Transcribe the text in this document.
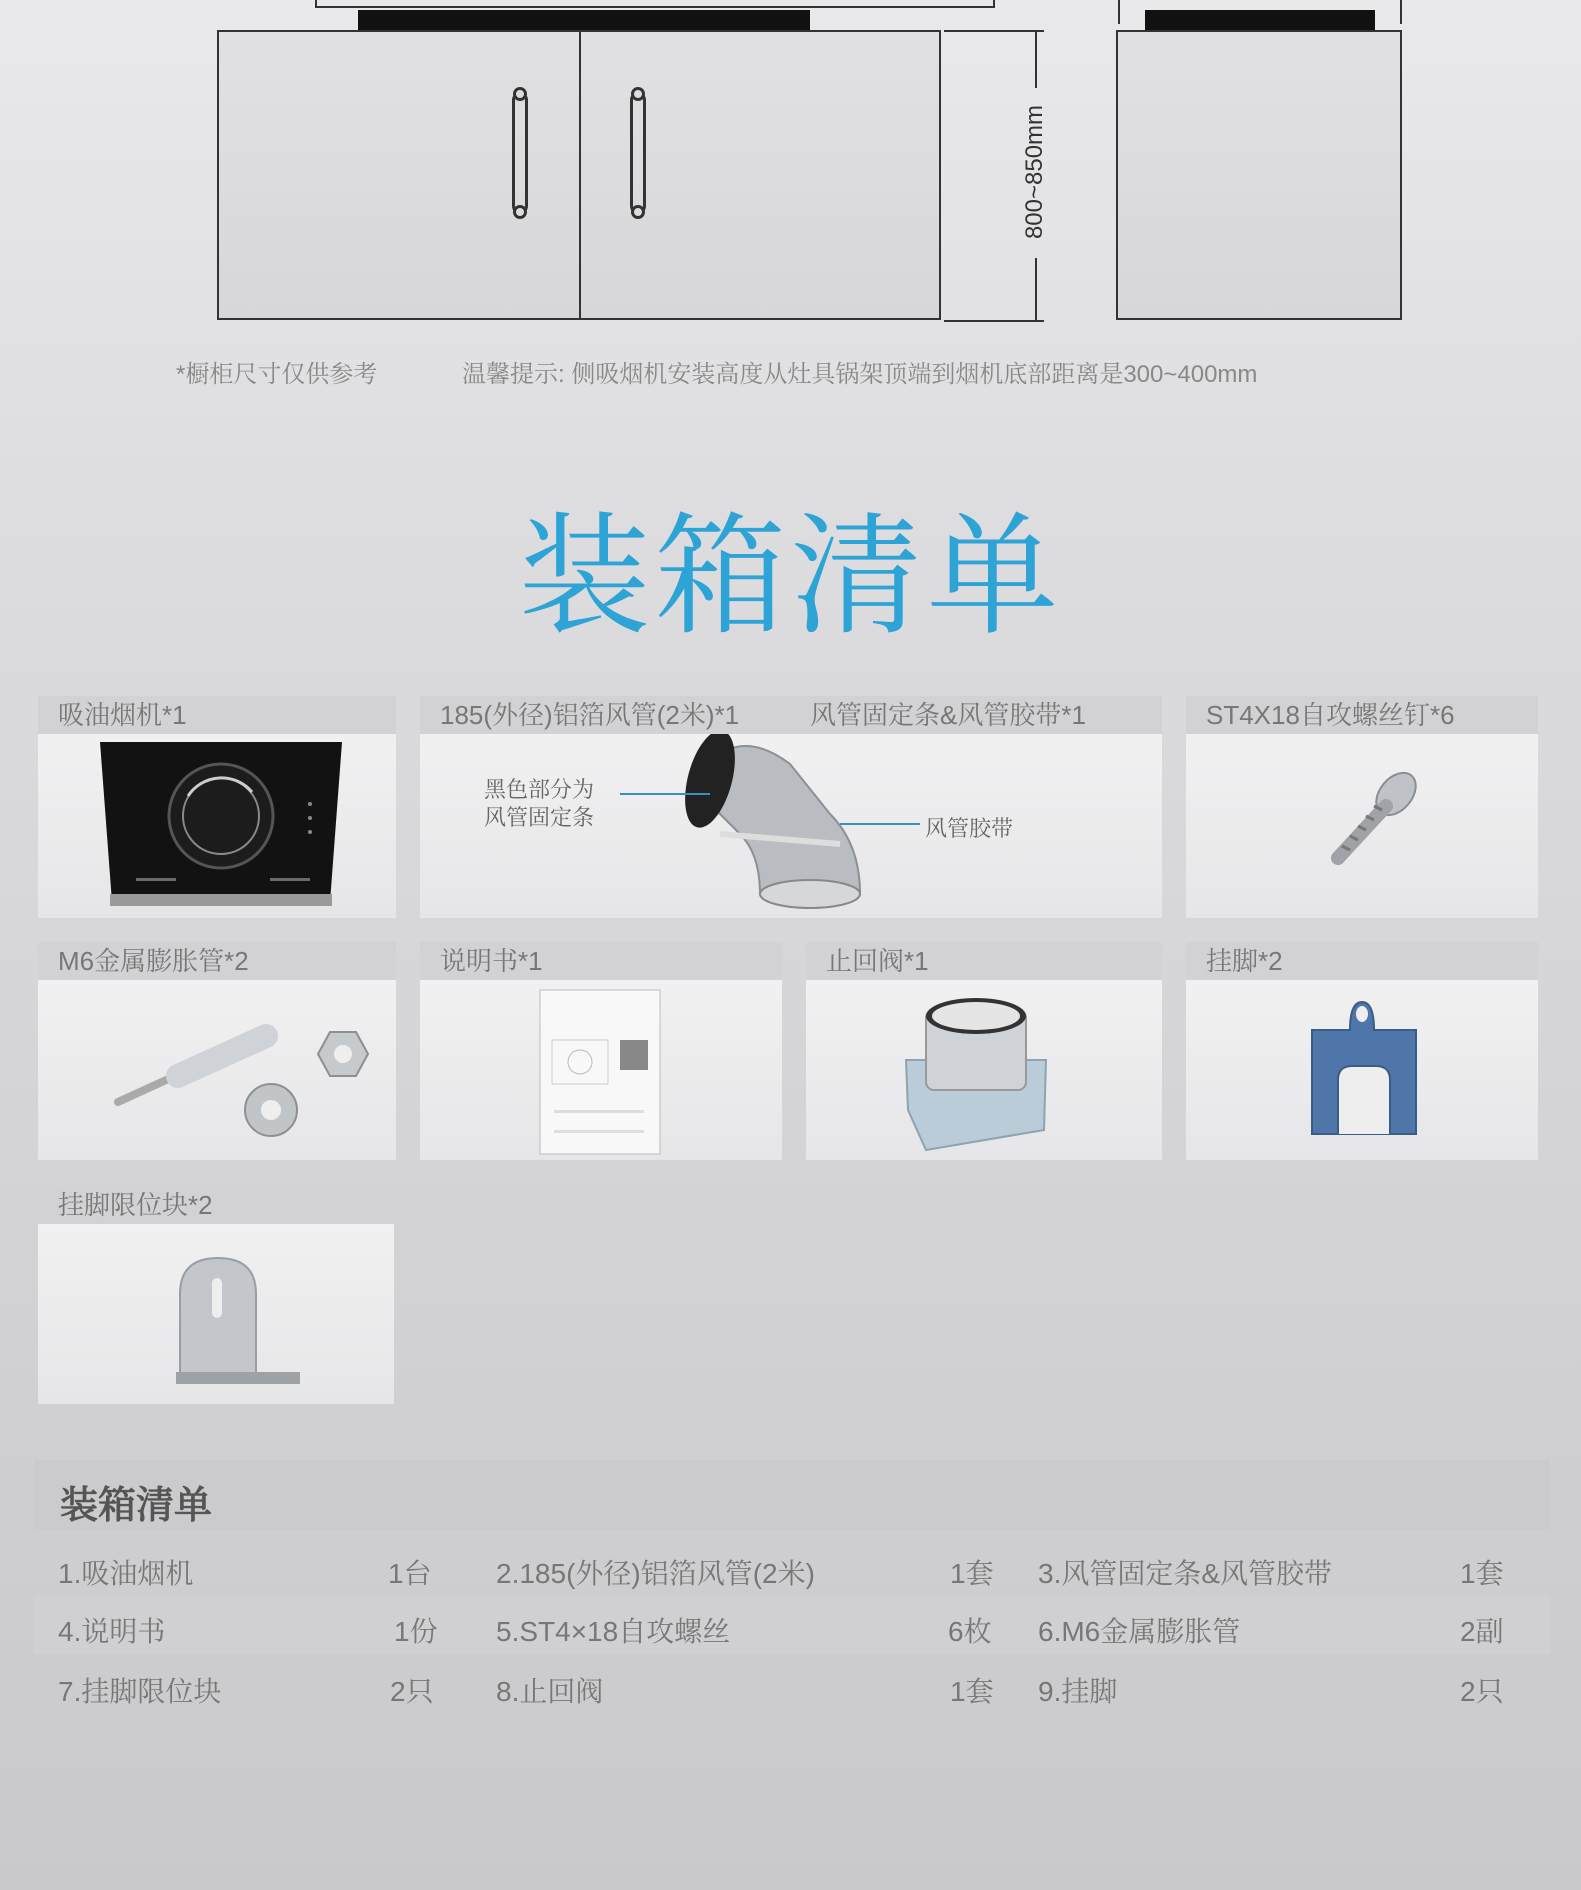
800~850mm
*橱柜尺寸仅供参考	温馨提示: 侧吸烟机安装高度从灶具锅架顶端到烟机底部距离是300~400mm
装箱清单
吸油烟机*1	185(外径)铝箔风管(2米)*1	风管固定条&风管胶带*1
黑色部分为
风管固定条	风管胶带
ST4X18自攻螺丝钉*6
M6金属膨胀管*2	说明书*1	止回阀*1	挂脚*2
挂脚限位块*2
装箱清单
1.吸油烟机	1台 2.185(外径)铝箔风管(2米)	1套 3.风管固定条&风管胶带	1套
4.说明书	1份 5.ST4×18自攻螺丝	6枚 6.M6金属膨胀管	2副
7.挂脚限位块	2只 8.止回阀	1套 9.挂脚	2只
